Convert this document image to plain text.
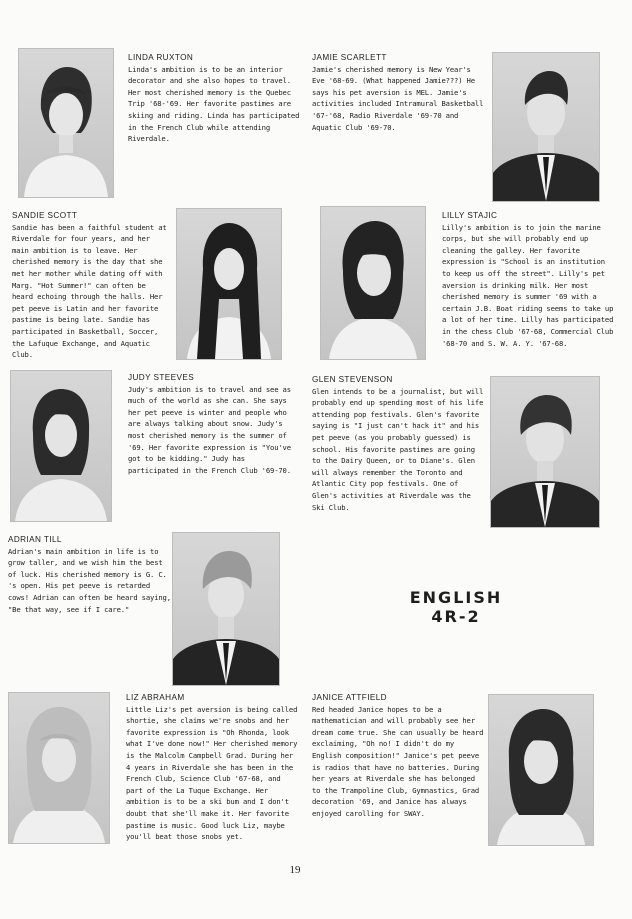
LINDA RUXTON
Linda's ambition is to be an interior decorator and she also hopes to travel. Her most cherished memory is the Quebec Trip '68-'69. Her favorite pastimes are skiing and riding. Linda has participated in the French Club while attending Riverdale.
JAMIE SCARLETT
Jamie's cherished memory is New Year's Eve '68-69. (What happened Jamie???) He says his pet aversion is MEL. Jamie's activities included Intramural Basketball '67-'68, Radio Riverdale '69-70 and Aquatic Club '69-70.
SANDIE SCOTT
Sandie has been a faithful student at Riverdale for four years, and her main ambition is to leave. Her cherished memory is the day that she met her mother while dating off with Marg. "Hot Summer!" can often be heard echoing through the halls. Her pet peeve is Latin and her favorite pastime is being late. Sandie has participated in Basketball, Soccer, the Lafuque Exchange, and Aquatic Club.
LILLY STAJIC
Lilly's ambition is to join the marine corps, but she will probably end up cleaning the galley. Her favorite expression is "School is an institution to keep us off the street". Lilly's pet aversion is drinking milk. Her most cherished memory is summer '69 with a certain J.B. Boat riding seems to take up a lot of her time. Lilly has participated in the chess Club '67-68, Commercial Club '68-70 and S. W. A. Y. '67-68.
JUDY STEEVES
Judy's ambition is to travel and see as much of the world as she can. She says her pet peeve is winter and people who are always talking about snow. Judy's most cherished memory is the summer of '69. Her favorite expression is "You've got to be kidding." Judy has participated in the French Club '69-70.
GLEN STEVENSON
Glen intends to be a journalist, but will probably end up spending most of his life attending pop festivals. Glen's favorite saying is "I just can't hack it" and his pet peeve (as you probably guessed) is school. His favorite pastimes are going to the Dairy Queen, or to Diane's. Glen will always remember the Toronto and Atlantic City pop festivals. One of Glen's activities at Riverdale was the Ski Club.
ADRIAN TILL
Adrian's main ambition in life is to grow taller, and we wish him the best of luck. His cherished memory is G. C. 's open. His pet peeve is retarded cows! Adrian can often be heard saying, "Be that way, see if I care."
ENGLISH
4R-2
LIZ ABRAHAM
Little Liz's pet aversion is being called shortie, she claims we're snobs and her favorite expression is "Oh Rhonda, look what I've done now!" Her cherished memory is the Malcolm Campbell Grad. During her 4 years in Riverdale she has been in the French Club, Science Club '67-68, and part of the La Tuque Exchange. Her ambition is to be a ski bum and I don't doubt that she'll make it. Her favorite pastime is music. Good luck Liz, maybe you'll beat those snobs yet.
JANICE ATTFIELD
Red headed Janice hopes to be a mathematician and will probably see her dream come true. She can usually be heard exclaiming, "Oh no! I didn't do my English composition!" Janice's pet peeve is radios that have no batteries. During her years at Riverdale she has belonged to the Trampoline Club, Gymnastics, Grad decoration '69, and Janice has always enjoyed carolling for SWAY.
19
